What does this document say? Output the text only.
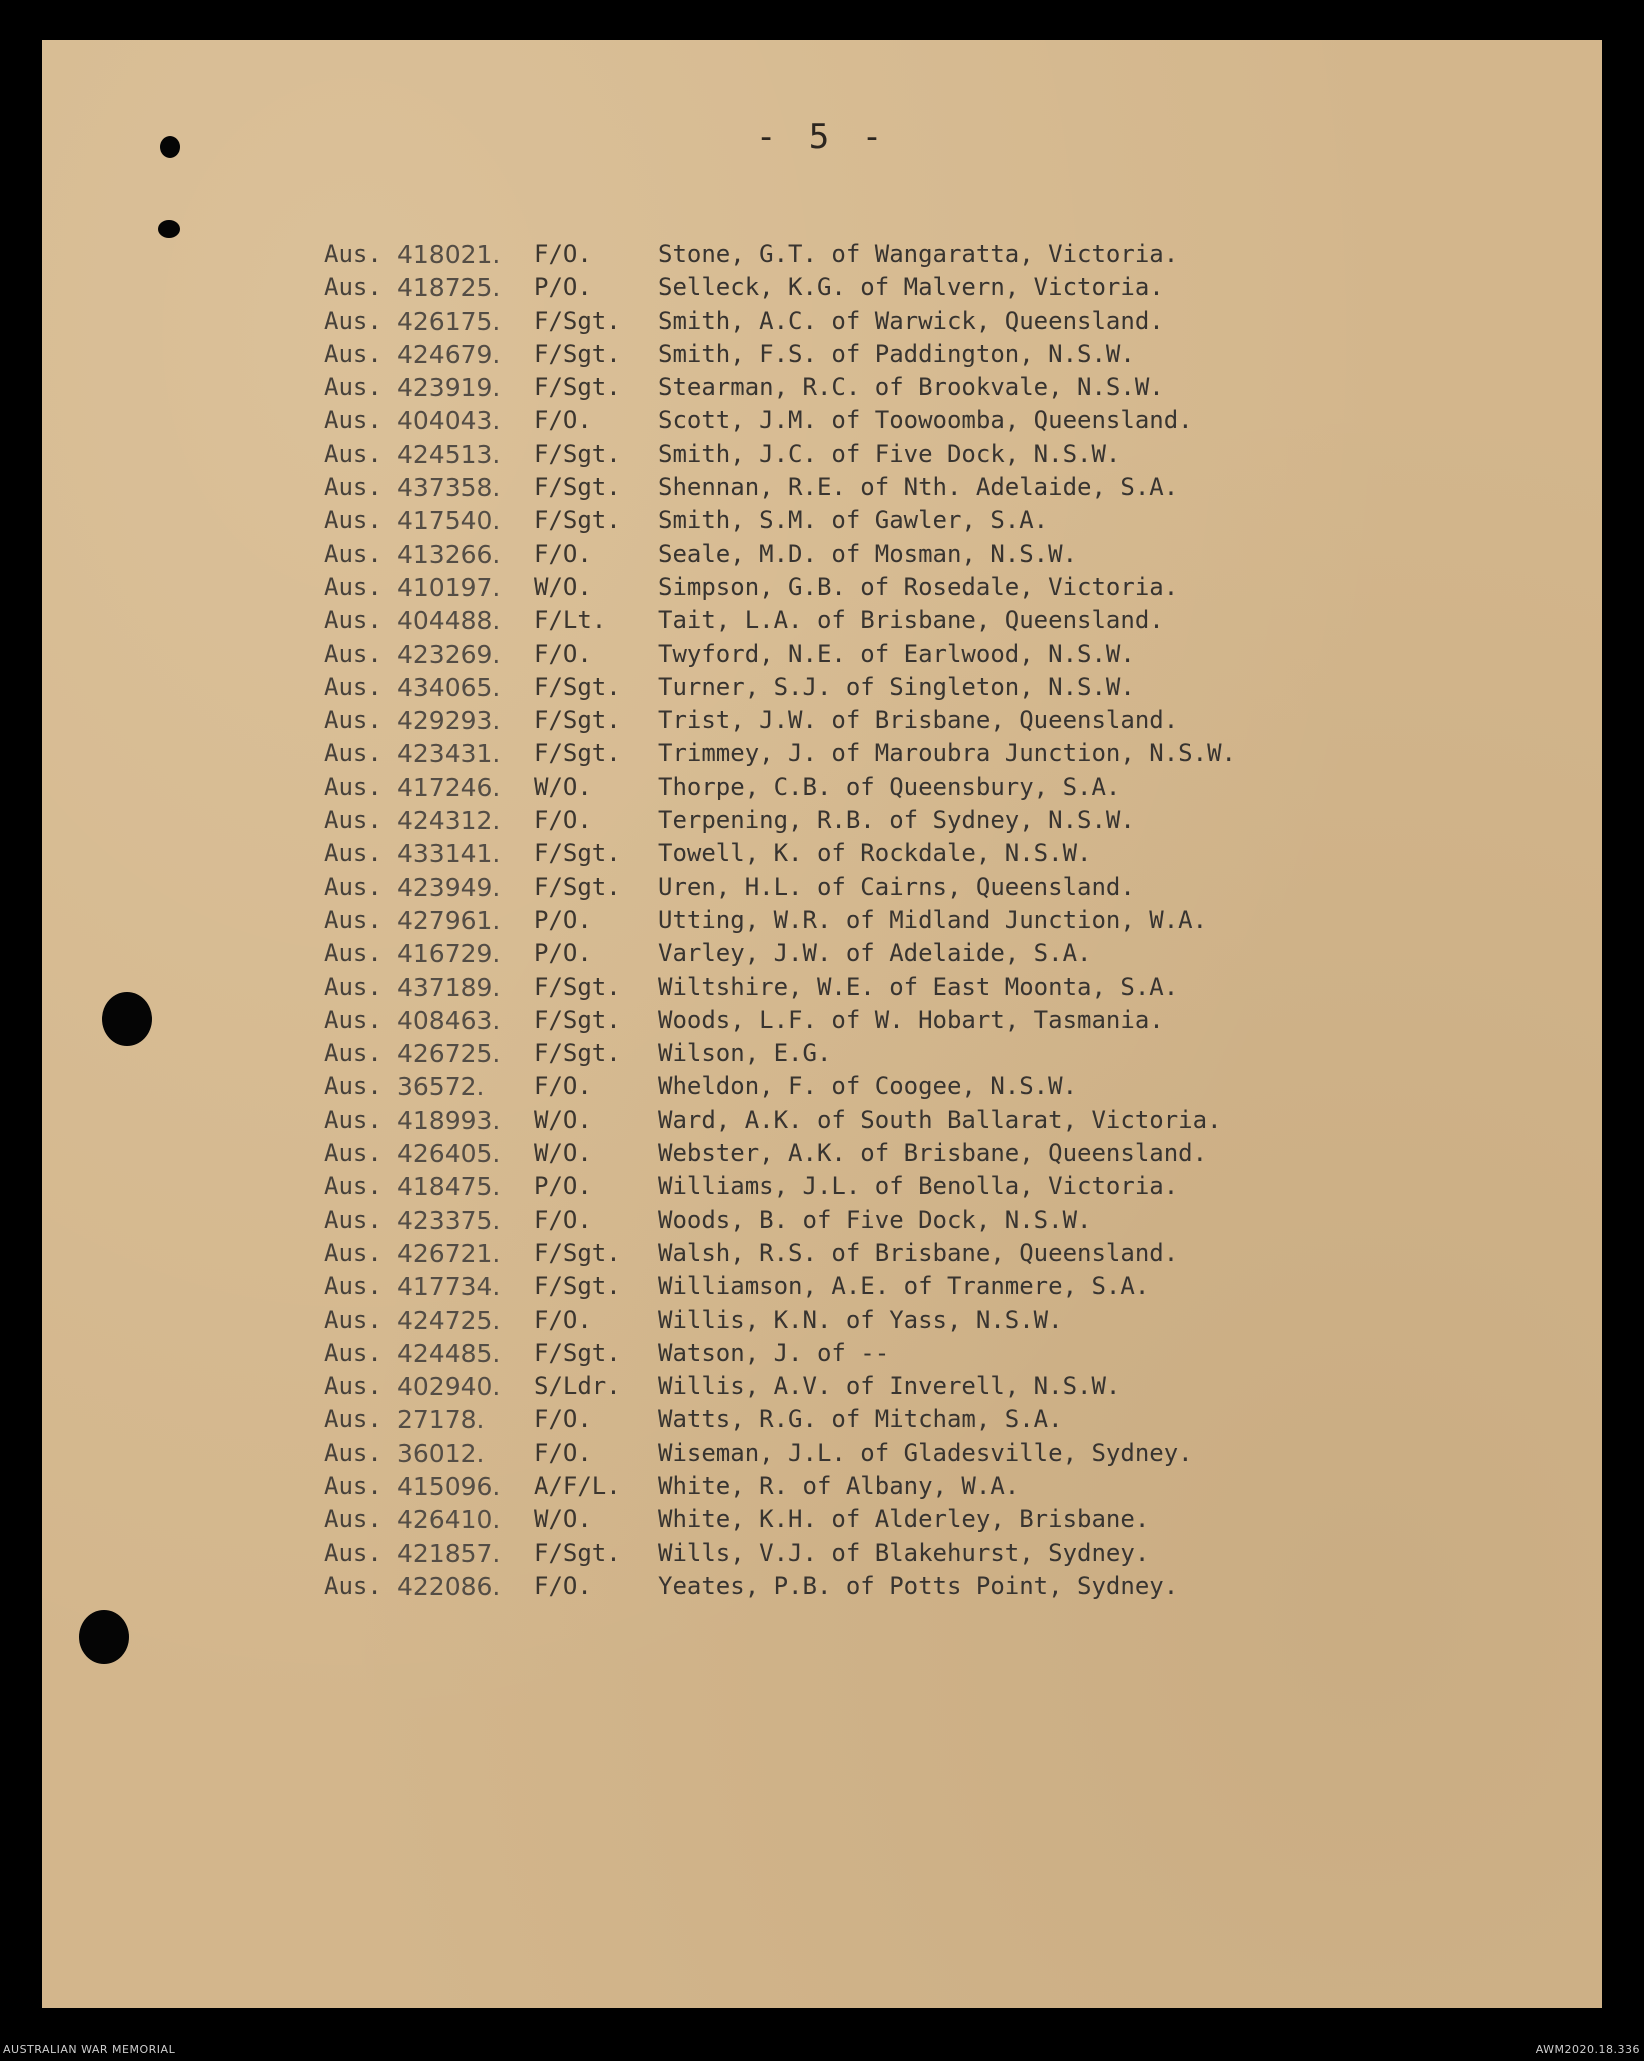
- 5 -
Aus. 418021. F/O.	Stone, G.T. of Wangaratta, Victoria.
Aus. 418725. P/O.	Selleck, K.G. of Malvern, Victoria.
Aus. 426175. F/Sgt. Smith, A.C. of Warwick, Queensland.
Aus. 424679. F/Sgt. Smith, F.S. of Paddington, N.S.W.
Aus. 423919. F/Sgt. Stearman, R.C. of Brookvale, N.S.W.
Aus. 404043. F/O.	Scott, J.M. of Toowoomba, Queensland.
Aus. 424513. F/Sgt. Smith, J.C. of Five Dock, N.S.W.
Aus. 437358. F/Sgt. Shennan, R.E. of Nth. Adelaide, S.A.
Aus. 417540. F/Sgt. Smith, S.M. of Gawler, S.A.
Aus. 413266. F/O.	Seale, M.D. of Mosman, N.S.W.
Aus. 410197. W/O.	Simpson, G.B. of Rosedale, Victoria.
Aus. 404488. F/Lt. Tait, L.A. of Brisbane, Queensland.
Aus. 423269. F/O.	Twyford, N.E. of Earlwood, N.S.W.
Aus. 434065. F/Sgt. Turner, S.J. of Singleton, N.S.W.
Aus. 429293. F/Sgt. Trist, J.W. of Brisbane, Queensland.
Aus. 423431. F/Sgt. Trimmey, J. of Maroubra Junction, N.S.W.
Aus. 417246. W/O.	Thorpe, C.B. of Queensbury, S.A.
Aus. 424312. F/O.	Terpening, R.B. of Sydney, N.S.W.
Aus. 433141. F/Sgt. Towell, K. of Rockdale, N.S.W.
Aus. 423949. F/Sgt. Uren, H.L. of Cairns, Queensland.
Aus. 427961. P/O.	Utting, W.R. of Midland Junction, W.A.
Aus. 416729. P/O.	Varley, J.W. of Adelaide, S.A.
Aus. 437189. F/Sgt. Wiltshire, W.E. of East Moonta, S.A.
Aus. 408463. F/Sgt. Woods, L.F. of W. Hobart, Tasmania.
Aus. 426725. F/Sgt. Wilson, E.G.
Aus. 36572. F/O.	Wheldon, F. of Coogee, N.S.W.
Aus. 418993. W/O.	Ward, A.K. of South Ballarat, Victoria.
Aus. 426405. W/O.	Webster, A.K. of Brisbane, Queensland.
Aus. 418475. P/O.	Williams, J.L. of Benolla, Victoria.
Aus. 423375. F/O.	Woods, B. of Five Dock, N.S.W.
Aus. 426721. F/Sgt. Walsh, R.S. of Brisbane, Queensland.
Aus. 417734. F/Sgt. Williamson, A.E. of Tranmere, S.A.
Aus. 424725. F/O.	Willis, K.N. of Yass, N.S.W.
Aus. 424485. F/Sgt. Watson, J. of --
Aus. 402940. S/Ldr. Willis, A.V. of Inverell, N.S.W.
Aus. 27178. F/O.	Watts, R.G. of Mitcham, S.A.
Aus. 36012. F/O.	Wiseman, J.L. of Gladesville, Sydney.
Aus. 415096. A/F/L. White, R. of Albany, W.A.
Aus. 426410. W/O.	White, K.H. of Alderley, Brisbane.
Aus. 421857. F/Sgt. Wills, V.J. of Blakehurst, Sydney.
Aus. 422086. F/O.	Yeates, P.B. of Potts Point, Sydney.
AUSTRALIAN WAR MEMORIAL	AWM2020.18.336
